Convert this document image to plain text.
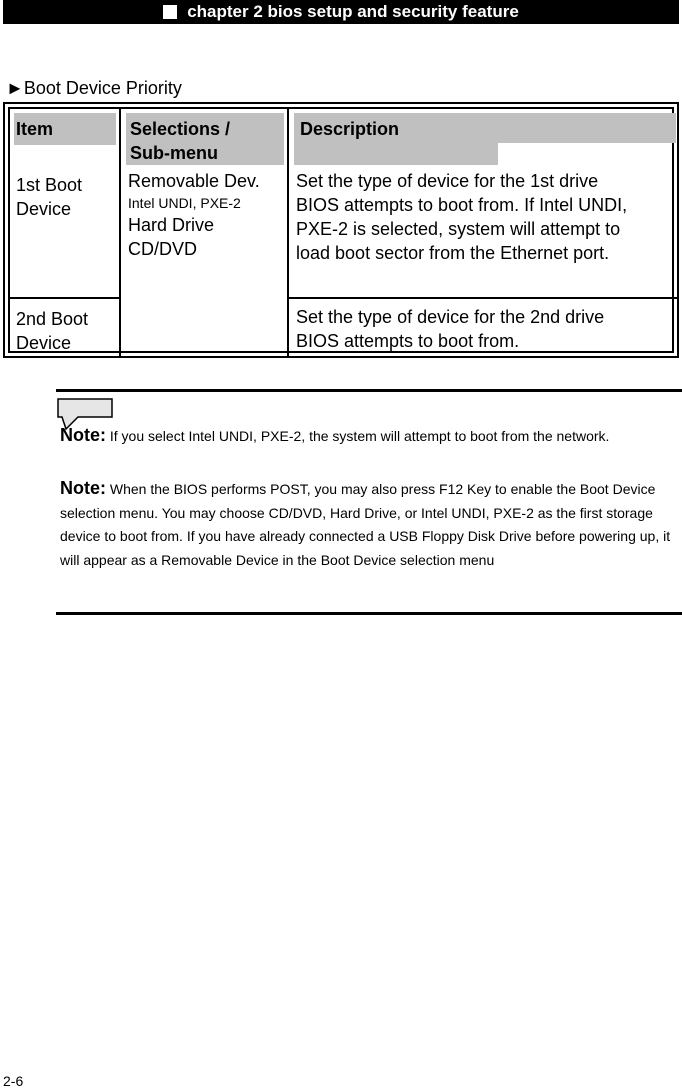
chapter 2 bios setup and security feature
►Boot Device Priority
Item	Selections /
Sub-menu
Description
1st Boot
Device
Removable Dev.
Intel UNDI, PXE-2
Hard Drive
CD/DVD
Set the type of device for the 1st drive
BIOS attempts to boot from. If Intel UNDI,
PXE-2 is selected, system will attempt to
load boot sector from the Ethernet port.
2nd Boot
Device
Set the type of device for the 2nd drive
BIOS attempts to boot from.
Note: If you select Intel UNDI, PXE-2, the system will attempt to boot from the network.
Note: When the BIOS performs POST, you may also press F12 Key to enable the Boot Device selection menu. You may choose CD/DVD, Hard Drive, or Intel UNDI, PXE-2 as the first storage device to boot from. If you have already connected a USB Floppy Disk Drive before powering up, it will appear as a Removable Device in the Boot Device selection menu
2-6
